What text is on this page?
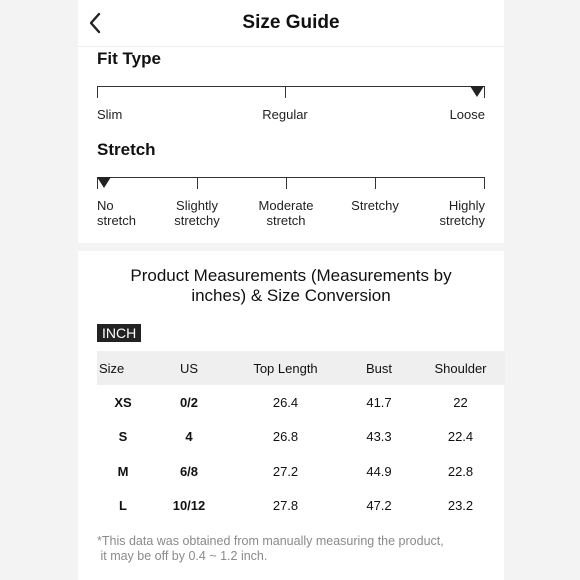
Size Guide
Fit Type
Slim	Regular	Loose
Stretch
No
stretch
Slightly
stretchy
Moderate
stretch
Stretchy	Highly
stretchy
Product Measurements (Measurements by
inches) & Size Conversion
INCH
Size	US	Top Length	Bust	Shoulder
XS	0/2	26.4	41.7	22
S	4	26.8	43.3	22.4
M	6/8	27.2	44.9	22.8
L	10/12	27.8	47.2	23.2
*This data was obtained from manually measuring the product,
it may be off by 0.4 ~ 1.2 inch.
